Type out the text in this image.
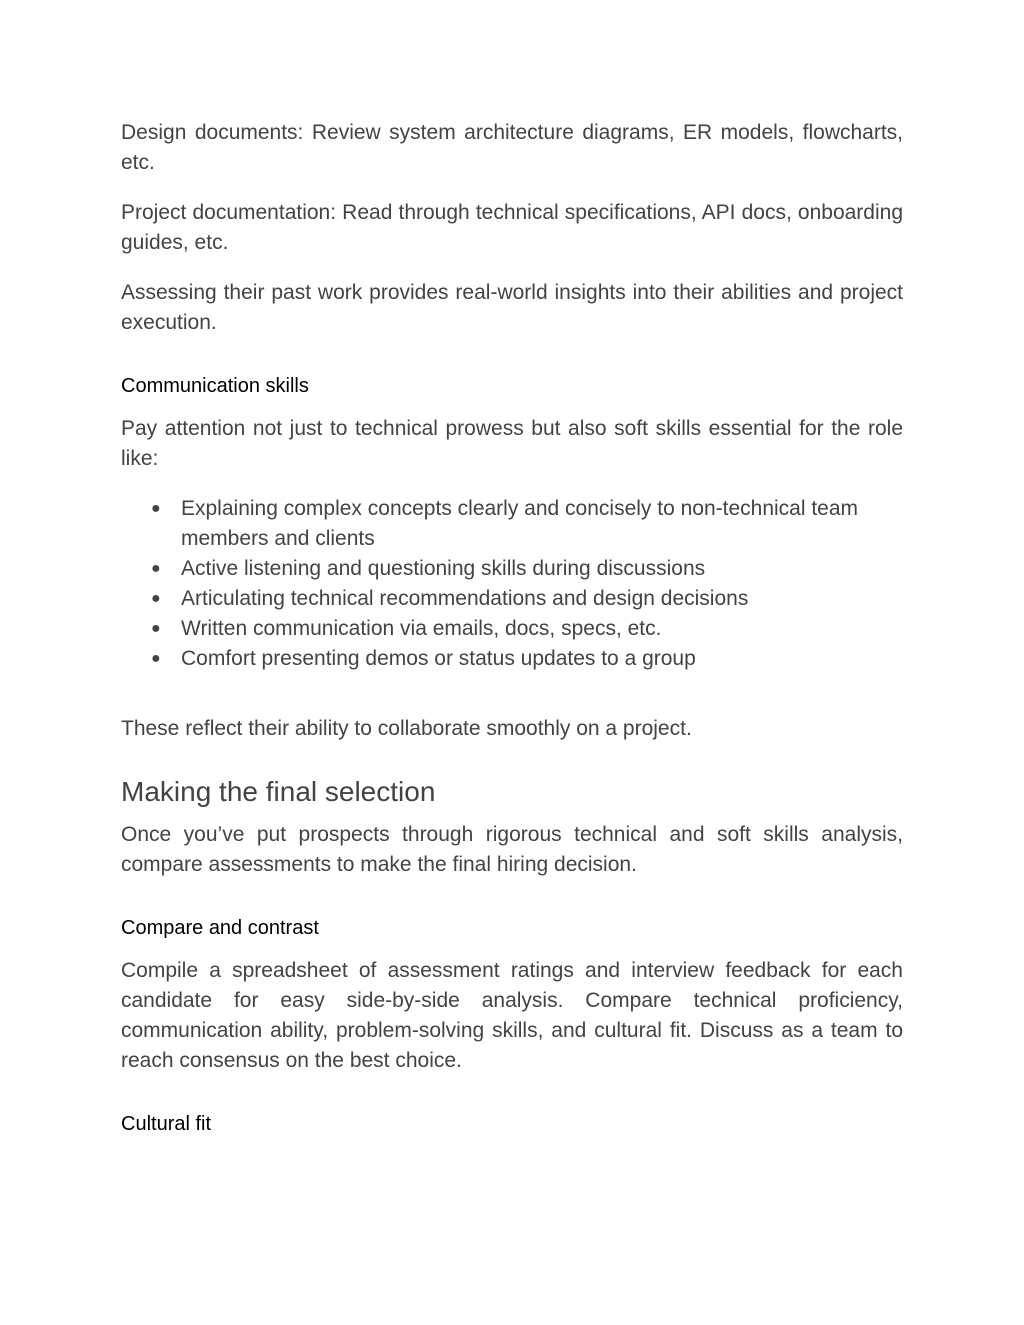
Design documents: Review system architecture diagrams, ER models, flowcharts, etc.

Project documentation: Read through technical specifications, API docs, onboarding guides, etc.

Assessing their past work provides real-world insights into their abilities and project execution.

Communication skills

Pay attention not just to technical prowess but also soft skills essential for the role like:

● Explaining complex concepts clearly and concisely to non-technical team members and clients
● Active listening and questioning skills during discussions
● Articulating technical recommendations and design decisions
● Written communication via emails, docs, specs, etc.
● Comfort presenting demos or status updates to a group

These reflect their ability to collaborate smoothly on a project.

Making the final selection

Once you’ve put prospects through rigorous technical and soft skills analysis, compare assessments to make the final hiring decision.

Compare and contrast

Compile a spreadsheet of assessment ratings and interview feedback for each candidate for easy side-by-side analysis. Compare technical proficiency, communication ability, problem-solving skills, and cultural fit. Discuss as a team to reach consensus on the best choice.

Cultural fit
